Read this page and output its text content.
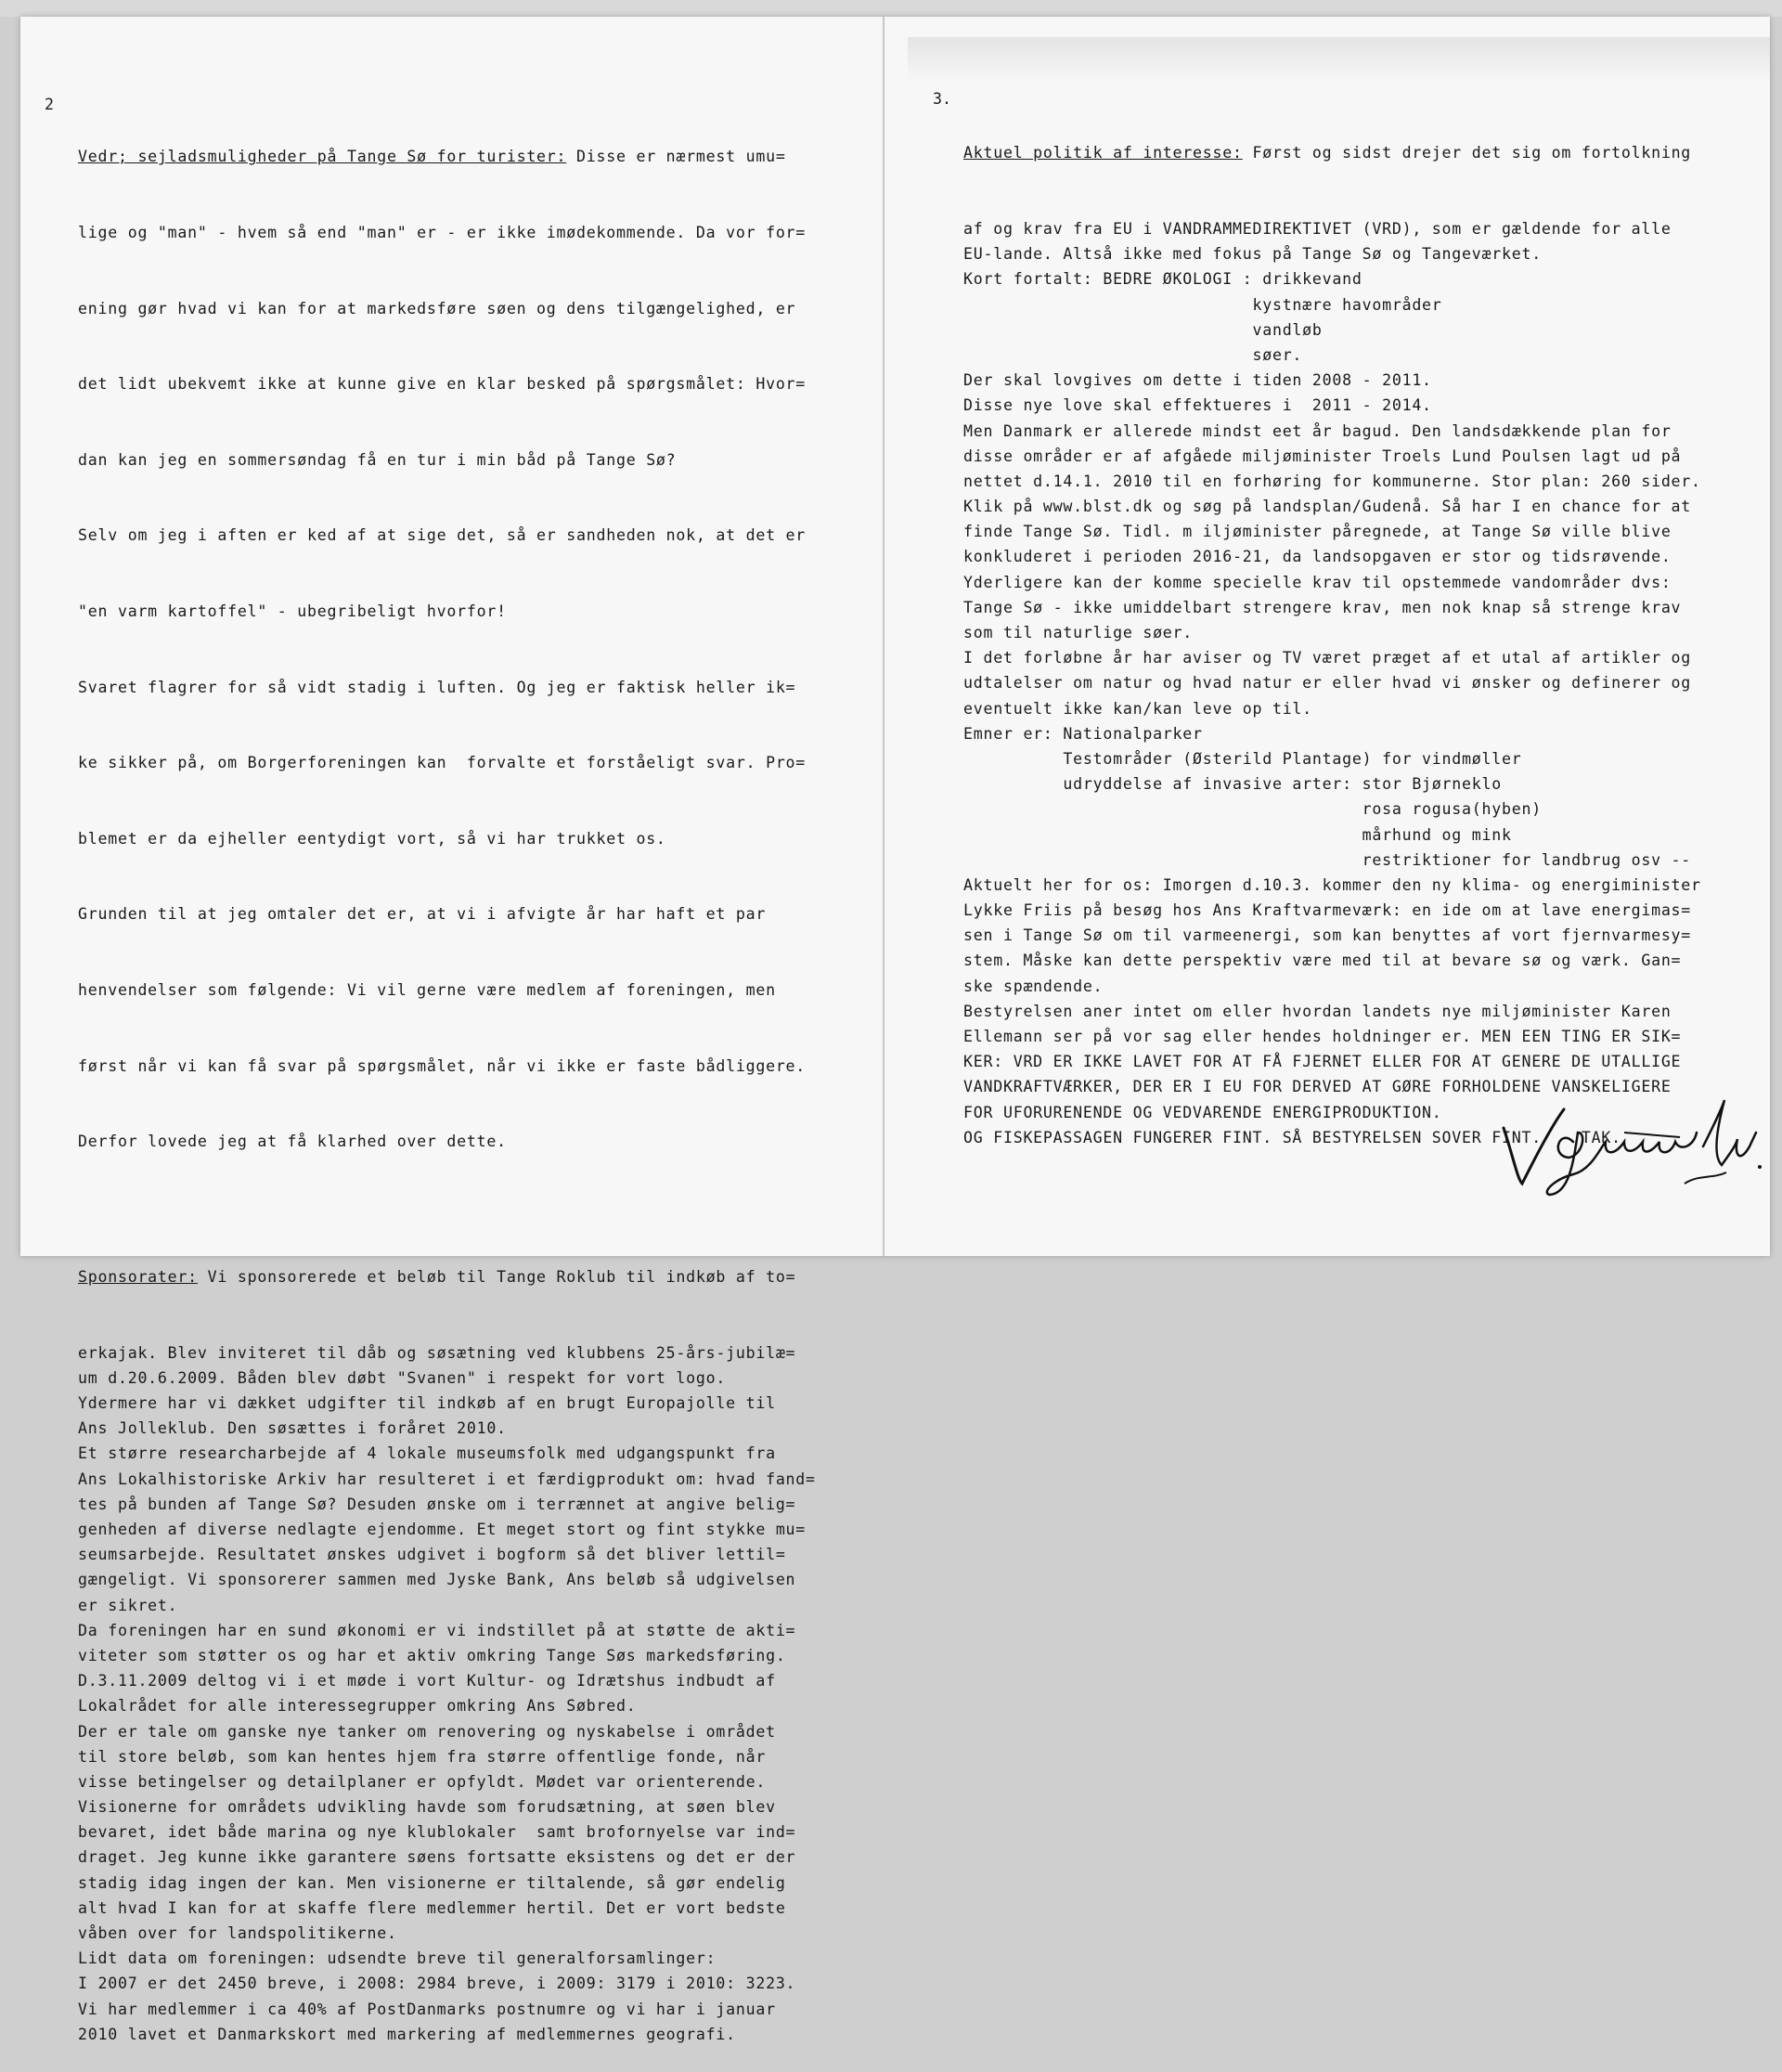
2

Vedr; sejladsmuligheder på Tange Sø for turister: Disse er nærmest umu=

lige og "man" - hvem så end "man" er - er ikke imødekommende. Da vor for=

ening gør hvad vi kan for at markedsføre søen og dens tilgængelighed, er

det lidt ubekvemt ikke at kunne give en klar besked på spørgsmålet: Hvor=

dan kan jeg en sommersøndag få en tur i min båd på Tange Sø?

Selv om jeg i aften er ked af at sige det, så er sandheden nok, at det er

"en varm kartoffel" - ubegribeligt hvorfor!

Svaret flagrer for så vidt stadig i luften. Og jeg er faktisk heller ik=

ke sikker på, om Borgerforeningen kan  forvalte et forståeligt svar. Pro=

blemet er da ejheller eentydigt vort, så vi har trukket os.

Grunden til at jeg omtaler det er, at vi i afvigte år har haft et par

henvendelser som følgende: Vi vil gerne være medlem af foreningen, men

først når vi kan få svar på spørgsmålet, når vi ikke er faste bådliggere.

Derfor lovede jeg at få klarhed over dette.

Sponsorater: Vi sponsorerede et beløb til Tange Roklub til indkøb af to=

erkajak. Blev inviteret til dåb og søsætning ved klubbens 25-års-jubilæ=
um d.20.6.2009. Båden blev døbt "Svanen" i respekt for vort logo.
Ydermere har vi dækket udgifter til indkøb af en brugt Europajolle til
Ans Jolleklub. Den søsættes i foråret 2010.
Et større researcharbejde af 4 lokale museumsfolk med udgangspunkt fra
Ans Lokalhistoriske Arkiv har resulteret i et færdigprodukt om: hvad fand=
tes på bunden af Tange Sø? Desuden ønske om i terrænnet at angive belig=
genheden af diverse nedlagte ejendomme. Et meget stort og fint stykke mu=
seumsarbejde. Resultatet ønskes udgivet i bogform så det bliver lettil=
gængeligt. Vi sponsorerer sammen med Jyske Bank, Ans beløb så udgivelsen
er sikret.
Da foreningen har en sund økonomi er vi indstillet på at støtte de akti=
viteter som støtter os og har et aktiv omkring Tange Søs markedsføring.
D.3.11.2009 deltog vi i et møde i vort Kultur- og Idrætshus indbudt af
Lokalrådet for alle interessegrupper omkring Ans Søbred.
Der er tale om ganske nye tanker om renovering og nyskabelse i området
til store beløb, som kan hentes hjem fra større offentlige fonde, når
visse betingelser og detailplaner er opfyldt. Mødet var orienterende.
Visionerne for områdets udvikling havde som forudsætning, at søen blev
bevaret, idet både marina og nye klublokaler  samt brofornyelse var ind=
draget. Jeg kunne ikke garantere søens fortsatte eksistens og det er der
stadig idag ingen der kan. Men visionerne er tiltalende, så gør endelig
alt hvad I kan for at skaffe flere medlemmer hertil. Det er vort bedste
våben over for landspolitikerne.
Lidt data om foreningen: udsendte breve til generalforsamlinger:
I 2007 er det 2450 breve, i 2008: 2984 breve, i 2009: 3179 i 2010: 3223.
Vi har medlemmer i ca 40% af PostDanmarks postnumre og vi har i januar
2010 lavet et Danmarkskort med markering af medlemmernes geografi.

3.

Aktuel politik af interesse: Først og sidst drejer det sig om fortolkning

af og krav fra EU i VANDRAMMEDIREKTIVET (VRD), som er gældende for alle
EU-lande. Altså ikke med fokus på Tange Sø og Tangeværket.
Kort fortalt: BEDRE ØKOLOGI : drikkevand
kystnære havområder
vandløb
søer.
Der skal lovgives om dette i tiden 2008 - 2011.
Disse nye love skal effektueres i  2011 - 2014.
Men Danmark er allerede mindst eet år bagud. Den landsdækkende plan for
disse områder er af afgåede miljøminister Troels Lund Poulsen lagt ud på
nettet d.14.1. 2010 til en forhøring for kommunerne. Stor plan: 260 sider.
Klik på www.blst.dk og søg på landsplan/Gudenå. Så har I en chance for at
finde Tange Sø. Tidl. m iljøminister påregnede, at Tange Sø ville blive
konkluderet i perioden 2016-21, da landsopgaven er stor og tidsrøvende.
Yderligere kan der komme specielle krav til opstemmede vandområder dvs:
Tange Sø - ikke umiddelbart strengere krav, men nok knap så strenge krav
som til naturlige søer.
I det forløbne år har aviser og TV været præget af et utal af artikler og
udtalelser om natur og hvad natur er eller hvad vi ønsker og definerer og
eventuelt ikke kan/kan leve op til.
Emner er: Nationalparker
Testområder (Østerild Plantage) for vindmøller
udryddelse af invasive arter: stor Bjørneklo
rosa rogusa(hyben)
mårhund og mink
restriktioner for landbrug osv --
Aktuelt her for os: Imorgen d.10.3. kommer den ny klima- og energiminister
Lykke Friis på besøg hos Ans Kraftvarmeværk: en ide om at lave energimas=
sen i Tange Sø om til varmeenergi, som kan benyttes af vort fjernvarmesy=
stem. Måske kan dette perspektiv være med til at bevare sø og værk. Gan=
ske spændende.
Bestyrelsen aner intet om eller hvordan landets nye miljøminister Karen
Ellemann ser på vor sag eller hendes holdninger er. MEN EEN TING ER SIK=
KER: VRD ER IKKE LAVET FOR AT FÅ FJERNET ELLER FOR AT GENERE DE UTALLIGE
VANDKRAFTVÆRKER, DER ER I EU FOR DERVED AT GØRE FORHOLDENE VANSKELIGERE
FOR UFORURENENDE OG VEDVARENDE ENERGIPRODUKTION.
OG FISKEPASSAGEN FUNGERER FINT. SÅ BESTYRELSEN SOVER FINT.    TAK.
